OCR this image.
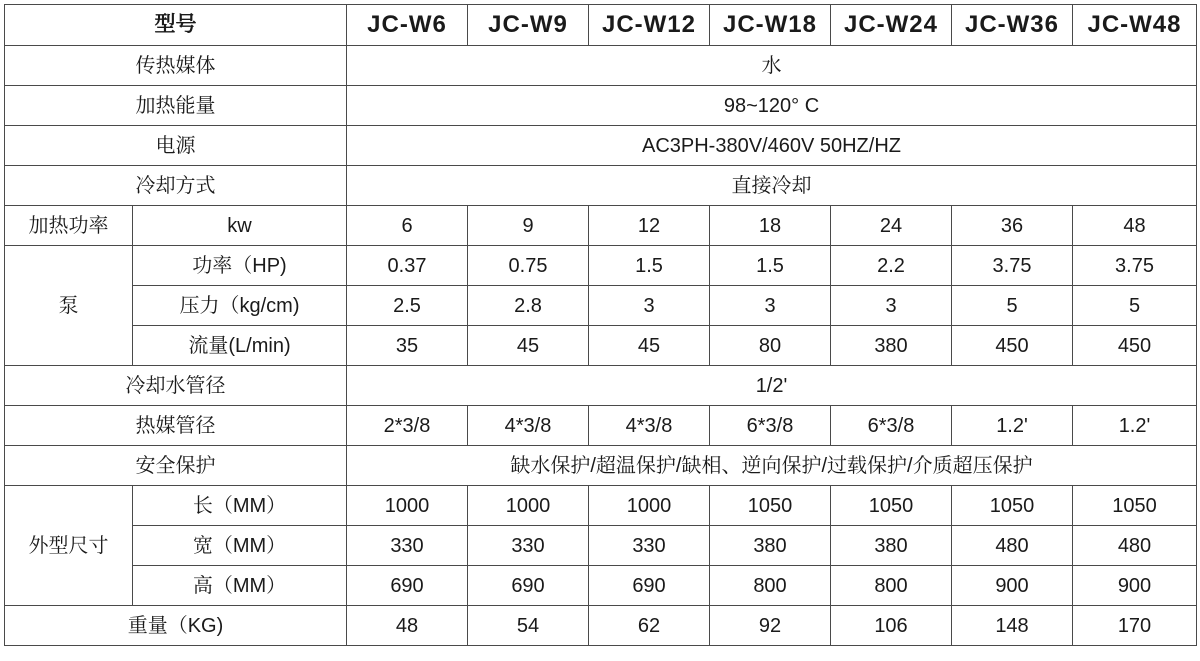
型号		JC-W6	JC-W9	JC-W12	JC-W18	JC-W24	JC-W36	JC-W48
传热媒体		水						
加热能量		98~120° C						
电源		AC3PH-380V/460V 50HZ/HZ						
冷却方式		直接冷却						
加热功率	kw	6	9	12	18	24	36	48
泵	功率（HP)	0.37	0.75	1.5	1.5	2.2	3.75	3.75
	压力（kg/cm)	2.5	2.8	3	3	3	5	5
	流量(L/min)	35	45	45	80	380	450	450
冷却水管径		1/2'						
热媒管径		2*3/8	4*3/8	4*3/8	6*3/8	6*3/8	1.2'	1.2'
安全保护		缺水保护/超温保护/缺相、逆向保护/过载保护/介质超压保护						
外型尺寸	长（MM）	1000	1000	1000	1050	1050	1050	1050
	宽（MM）	330	330	330	380	380	480	480
	高（MM）	690	690	690	800	800	900	900
重量（KG)		48	54	62	92	106	148	170
